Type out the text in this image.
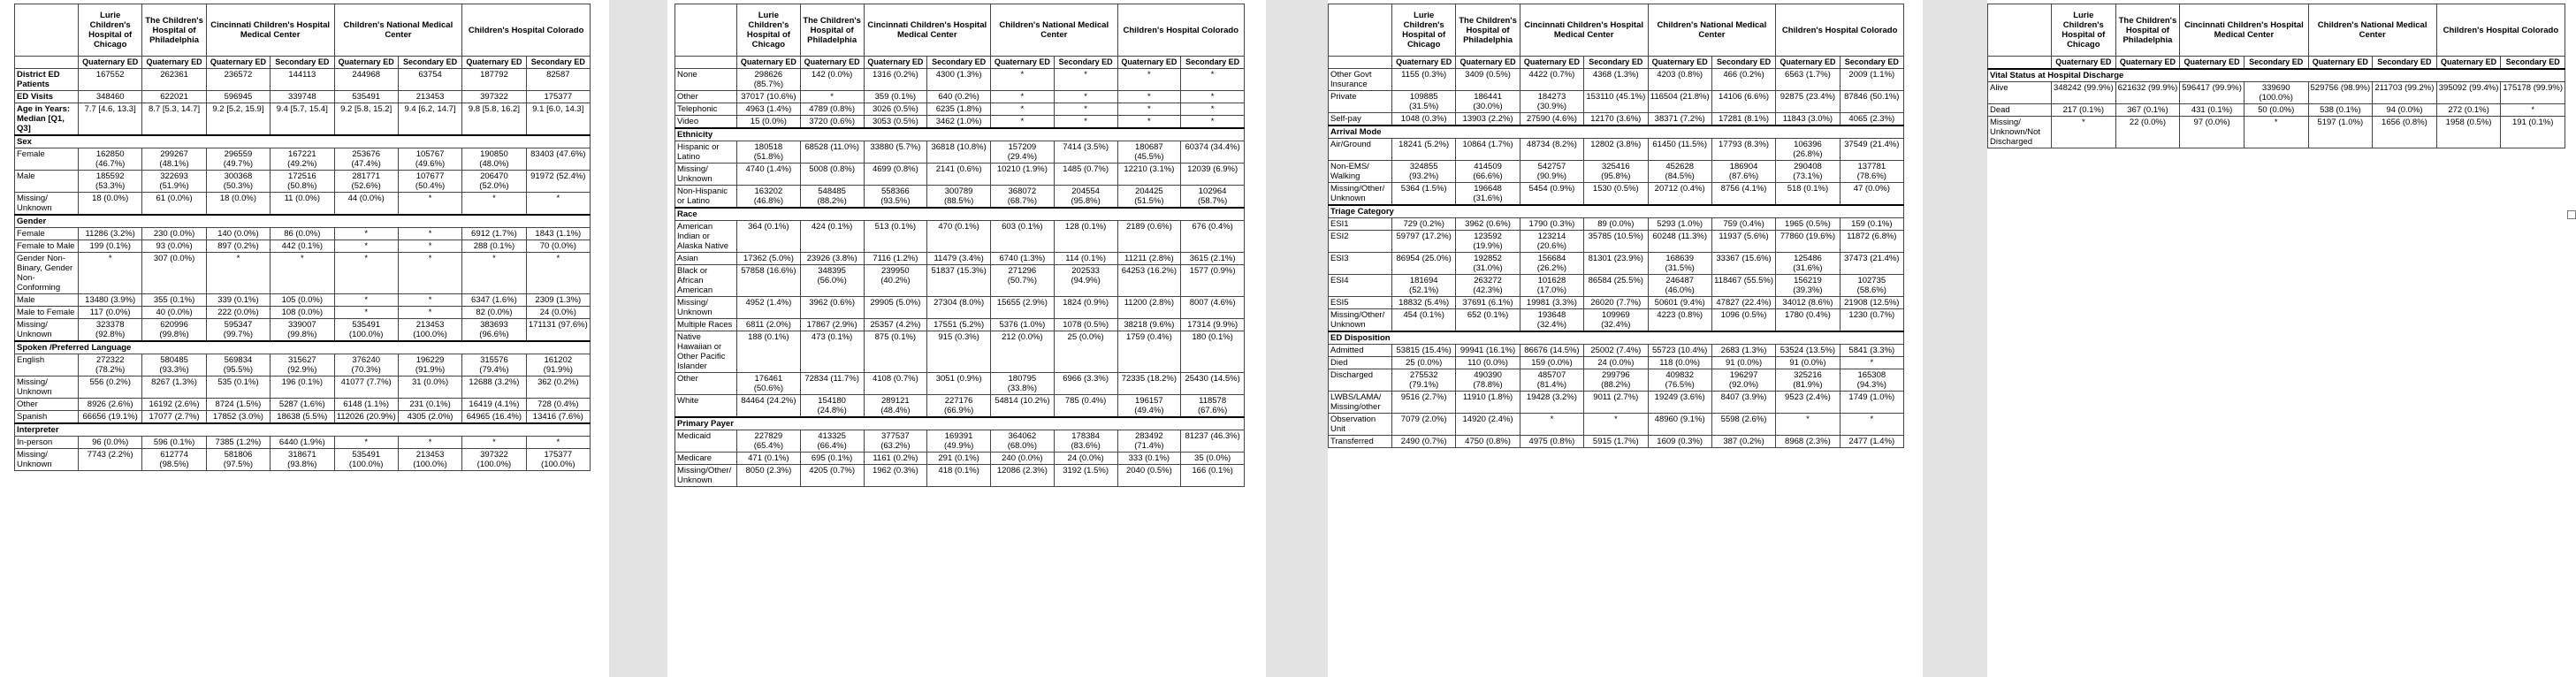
	Lurie Children's Hospital of Chicago	The Children's Hospital of Philadelphia	Cincinnati Children's Hospital Medical Center		Children's National Medical Center		Children's Hospital Colorado	
	Quaternary ED	Quaternary ED	Quaternary ED	Secondary ED	Quaternary ED	Secondary ED	Quaternary ED	Secondary ED
District ED Patients	167552	262361	236572	144113	244968	63754	187792	82587
ED Visits	348460	622021	596945	339748	535491	213453	397322	175377
Age in Years: Median [Q1, Q3]	7.7 [4.6, 13.3]	8.7 [5.3, 14.7]	9.2 [5.2, 15.9]	9.4 [5.7, 15.4]	9.2 [5.8, 15.2]	9.4 [6.2, 14.7]	9.8 [5.8, 16.2]	9.1 [6.0, 14.3]
Sex								
Female	162850 (46.7%)	299267 (48.1%)	296559 (49.7%)	167221 (49.2%)	253676 (47.4%)	105767 (49.6%)	190850 (48.0%)	83403 (47.6%)
Male	185592 (53.3%)	322693 (51.9%)	300368 (50.3%)	172516 (50.8%)	281771 (52.6%)	107677 (50.4%)	206470 (52.0%)	91972 (52.4%)
Missing/ Unknown	18 (0.0%)	61 (0.0%)	18 (0.0%)	11 (0.0%)	44 (0.0%)	*	*	*
Gender								
Female	11286 (3.2%)	230 (0.0%)	140 (0.0%)	86 (0.0%)	*	*	6912 (1.7%)	1843 (1.1%)
Female to Male	199 (0.1%)	93 (0.0%)	897 (0.2%)	442 (0.1%)	*	*	288 (0.1%)	70 (0.0%)
Gender Non-Binary, Gender Non-Conforming	*	307 (0.0%)	*	*	*	*	*	*
Male	13480 (3.9%)	355 (0.1%)	339 (0.1%)	105 (0.0%)	*	*	6347 (1.6%)	2309 (1.3%)
Male to Female	117 (0.0%)	40 (0.0%)	222 (0.0%)	108 (0.0%)	*	*	82 (0.0%)	24 (0.0%)
Missing/ Unknown	323378 (92.8%)	620996 (99.8%)	595347 (99.7%)	339007 (99.8%)	535491 (100.0%)	213453 (100.0%)	383693 (96.6%)	171131 (97.6%)
Spoken /Preferred Language								
English	272322 (78.2%)	580485 (93.3%)	569834 (95.5%)	315627 (92.9%)	376240 (70.3%)	196229 (91.9%)	315576 (79.4%)	161202 (91.9%)
Missing/ Unknown	556 (0.2%)	8267 (1.3%)	535 (0.1%)	196 (0.1%)	41077 (7.7%)	31 (0.0%)	12688 (3.2%)	362 (0.2%)
Other	8926 (2.6%)	16192 (2.6%)	8724 (1.5%)	5287 (1.6%)	6148 (1.1%)	231 (0.1%)	16419 (4.1%)	728 (0.4%)
Spanish	66656 (19.1%)	17077 (2.7%)	17852 (3.0%)	18638 (5.5%)	112026 (20.9%)	4305 (2.0%)	64965 (16.4%)	13416 (7.6%)
Interpreter								
In-person	96 (0.0%)	596 (0.1%)	7385 (1.2%)	6440 (1.9%)	*	*	*	*
Missing/ Unknown	7743 (2.2%)	612774 (98.5%)	581806 (97.5%)	318671 (93.8%)	535491 (100.0%)	213453 (100.0%)	397322 (100.0%)	175377 (100.0%)
	Lurie Children's Hospital of Chicago	The Children's Hospital of Philadelphia	Cincinnati Children's Hospital Medical Center		Children's National Medical Center		Children's Hospital Colorado	
	Quaternary ED	Quaternary ED	Quaternary ED	Secondary ED	Quaternary ED	Secondary ED	Quaternary ED	Secondary ED
None	298626 (85.7%)	142 (0.0%)	1316 (0.2%)	4300 (1.3%)	*	*	*	*
Other	37017 (10.6%)	*	359 (0.1%)	640 (0.2%)	*	*	*	*
Telephonic	4963 (1.4%)	4789 (0.8%)	3026 (0.5%)	6235 (1.8%)	*	*	*	*
Video	15 (0.0%)	3720 (0.6%)	3053 (0.5%)	3462 (1.0%)	*	*	*	*
Ethnicity								
Hispanic or Latino	180518 (51.8%)	68528 (11.0%)	33880 (5.7%)	36818 (10.8%)	157209 (29.4%)	7414 (3.5%)	180687 (45.5%)	60374 (34.4%)
Missing/ Unknown	4740 (1.4%)	5008 (0.8%)	4699 (0.8%)	2141 (0.6%)	10210 (1.9%)	1485 (0.7%)	12210 (3.1%)	12039 (6.9%)
Non-Hispanic or Latino	163202 (46.8%)	548485 (88.2%)	558366 (93.5%)	300789 (88.5%)	368072 (68.7%)	204554 (95.8%)	204425 (51.5%)	102964 (58.7%)
Race								
American Indian or Alaska Native	364 (0.1%)	424 (0.1%)	513 (0.1%)	470 (0.1%)	603 (0.1%)	128 (0.1%)	2189 (0.6%)	676 (0.4%)
Asian	17362 (5.0%)	23926 (3.8%)	7116 (1.2%)	11479 (3.4%)	6740 (1.3%)	114 (0.1%)	11211 (2.8%)	3615 (2.1%)
Black or African American	57858 (16.6%)	348395 (56.0%)	239950 (40.2%)	51837 (15.3%)	271296 (50.7%)	202533 (94.9%)	64253 (16.2%)	1577 (0.9%)
Missing/ Unknown	4952 (1.4%)	3962 (0.6%)	29905 (5.0%)	27304 (8.0%)	15655 (2.9%)	1824 (0.9%)	11200 (2.8%)	8007 (4.6%)
Multiple Races	6811 (2.0%)	17867 (2.9%)	25357 (4.2%)	17551 (5.2%)	5376 (1.0%)	1078 (0.5%)	38218 (9.6%)	17314 (9.9%)
Native Hawaiian or Other Pacific Islander	188 (0.1%)	473 (0.1%)	875 (0.1%)	915 (0.3%)	212 (0.0%)	25 (0.0%)	1759 (0.4%)	180 (0.1%)
Other	176461 (50.6%)	72834 (11.7%)	4108 (0.7%)	3051 (0.9%)	180795 (33.8%)	6966 (3.3%)	72335 (18.2%)	25430 (14.5%)
White	84464 (24.2%)	154180 (24.8%)	289121 (48.4%)	227176 (66.9%)	54814 (10.2%)	785 (0.4%)	196157 (49.4%)	118578 (67.6%)
Primary Payer								
Medicaid	227829 (65.4%)	413325 (66.4%)	377537 (63.2%)	169391 (49.9%)	364062 (68.0%)	178384 (83.6%)	283492 (71.4%)	81237 (46.3%)
Medicare	471 (0.1%)	695 (0.1%)	1161 (0.2%)	291 (0.1%)	240 (0.0%)	24 (0.0%)	333 (0.1%)	35 (0.0%)
Missing/Other/ Unknown	8050 (2.3%)	4205 (0.7%)	1962 (0.3%)	418 (0.1%)	12086 (2.3%)	3192 (1.5%)	2040 (0.5%)	166 (0.1%)
	Lurie Children's Hospital of Chicago	The Children's Hospital of Philadelphia	Cincinnati Children's Hospital Medical Center		Children's National Medical Center		Children's Hospital Colorado	
	Quaternary ED	Quaternary ED	Quaternary ED	Secondary ED	Quaternary ED	Secondary ED	Quaternary ED	Secondary ED
Other Govt Insurance	1155 (0.3%)	3409 (0.5%)	4422 (0.7%)	4368 (1.3%)	4203 (0.8%)	466 (0.2%)	6563 (1.7%)	2009 (1.1%)
Private	109885 (31.5%)	186441 (30.0%)	184273 (30.9%)	153110 (45.1%)	116504 (21.8%)	14106 (6.6%)	92875 (23.4%)	87846 (50.1%)
Self-pay	1048 (0.3%)	13903 (2.2%)	27590 (4.6%)	12170 (3.6%)	38371 (7.2%)	17281 (8.1%)	11843 (3.0%)	4065 (2.3%)
Arrival Mode								
Air/Ground	18241 (5.2%)	10864 (1.7%)	48734 (8.2%)	12802 (3.8%)	61450 (11.5%)	17793 (8.3%)	106396 (26.8%)	37549 (21.4%)
Non-EMS/ Walking	324855 (93.2%)	414509 (66.6%)	542757 (90.9%)	325416 (95.8%)	452628 (84.5%)	186904 (87.6%)	290408 (73.1%)	137781 (78.6%)
Missing/Other/ Unknown	5364 (1.5%)	196648 (31.6%)	5454 (0.9%)	1530 (0.5%)	20712 (0.4%)	8756 (4.1%)	518 (0.1%)	47 (0.0%)
Triage Category								
ESI1	729 (0.2%)	3962 (0.6%)	1790 (0.3%)	89 (0.0%)	5293 (1.0%)	759 (0.4%)	1965 (0.5%)	159 (0.1%)
ESI2	59797 (17.2%)	123592 (19.9%)	123214 (20.6%)	35785 (10.5%)	60248 (11.3%)	11937 (5.6%)	77860 (19.6%)	11872 (6.8%)
ESI3	86954 (25.0%)	192852 (31.0%)	156684 (26.2%)	81301 (23.9%)	168639 (31.5%)	33367 (15.6%)	125486 (31.6%)	37473 (21.4%)
ESI4	181694 (52.1%)	263272 (42.3%)	101628 (17.0%)	86584 (25.5%)	246487 (46.0%)	118467 (55.5%)	156219 (39.3%)	102735 (58.6%)
ESI5	18832 (5.4%)	37691 (6.1%)	19981 (3.3%)	26020 (7.7%)	50601 (9.4%)	47827 (22.4%)	34012 (8.6%)	21908 (12.5%)
Missing/Other/ Unknown	454 (0.1%)	652 (0.1%)	193648 (32.4%)	109969 (32.4%)	4223 (0.8%)	1096 (0.5%)	1780 (0.4%)	1230 (0.7%)
ED Disposition								
Admitted	53815 (15.4%)	99941 (16.1%)	86676 (14.5%)	25002 (7.4%)	55723 (10.4%)	2683 (1.3%)	53524 (13.5%)	5841 (3.3%)
Died	25 (0.0%)	110 (0.0%)	159 (0.0%)	24 (0.0%)	118 (0.0%)	91 (0.0%)	91 (0.0%)	*
Discharged	275532 (79.1%)	490390 (78.8%)	485707 (81.4%)	299796 (88.2%)	409832 (76.5%)	196297 (92.0%)	325216 (81.9%)	165308 (94.3%)
LWBS/LAMA/ Missing/other	9516 (2.7%)	11910 (1.8%)	19428 (3.2%)	9011 (2.7%)	19249 (3.6%)	8407 (3.9%)	9523 (2.4%)	1749 (1.0%)
Observation Unit	7079 (2.0%)	14920 (2.4%)	*	*	48960 (9.1%)	5598 (2.6%)	*	*
Transferred	2490 (0.7%)	4750 (0.8%)	4975 (0.8%)	5915 (1.7%)	1609 (0.3%)	387 (0.2%)	8968 (2.3%)	2477 (1.4%)
	Lurie Children's Hospital of Chicago	The Children's Hospital of Philadelphia	Cincinnati Children's Hospital Medical Center		Children's National Medical Center		Children's Hospital Colorado	
	Quaternary ED	Quaternary ED	Quaternary ED	Secondary ED	Quaternary ED	Secondary ED	Quaternary ED	Secondary ED
Vital Status at Hospital Discharge								
Alive	348242 (99.9%)	621632 (99.9%)	596417 (99.9%)	339690 (100.0%)	529756 (98.9%)	211703 (99.2%)	395092 (99.4%)	175178 (99.9%)
Dead	217 (0.1%)	367 (0.1%)	431 (0.1%)	50 (0.0%)	538 (0.1%)	94 (0.0%)	272 (0.1%)	*
Missing/ Unknown/Not Discharged	*	22 (0.0%)	97 (0.0%)	*	5197 (1.0%)	1656 (0.8%)	1958 (0.5%)	191 (0.1%)
